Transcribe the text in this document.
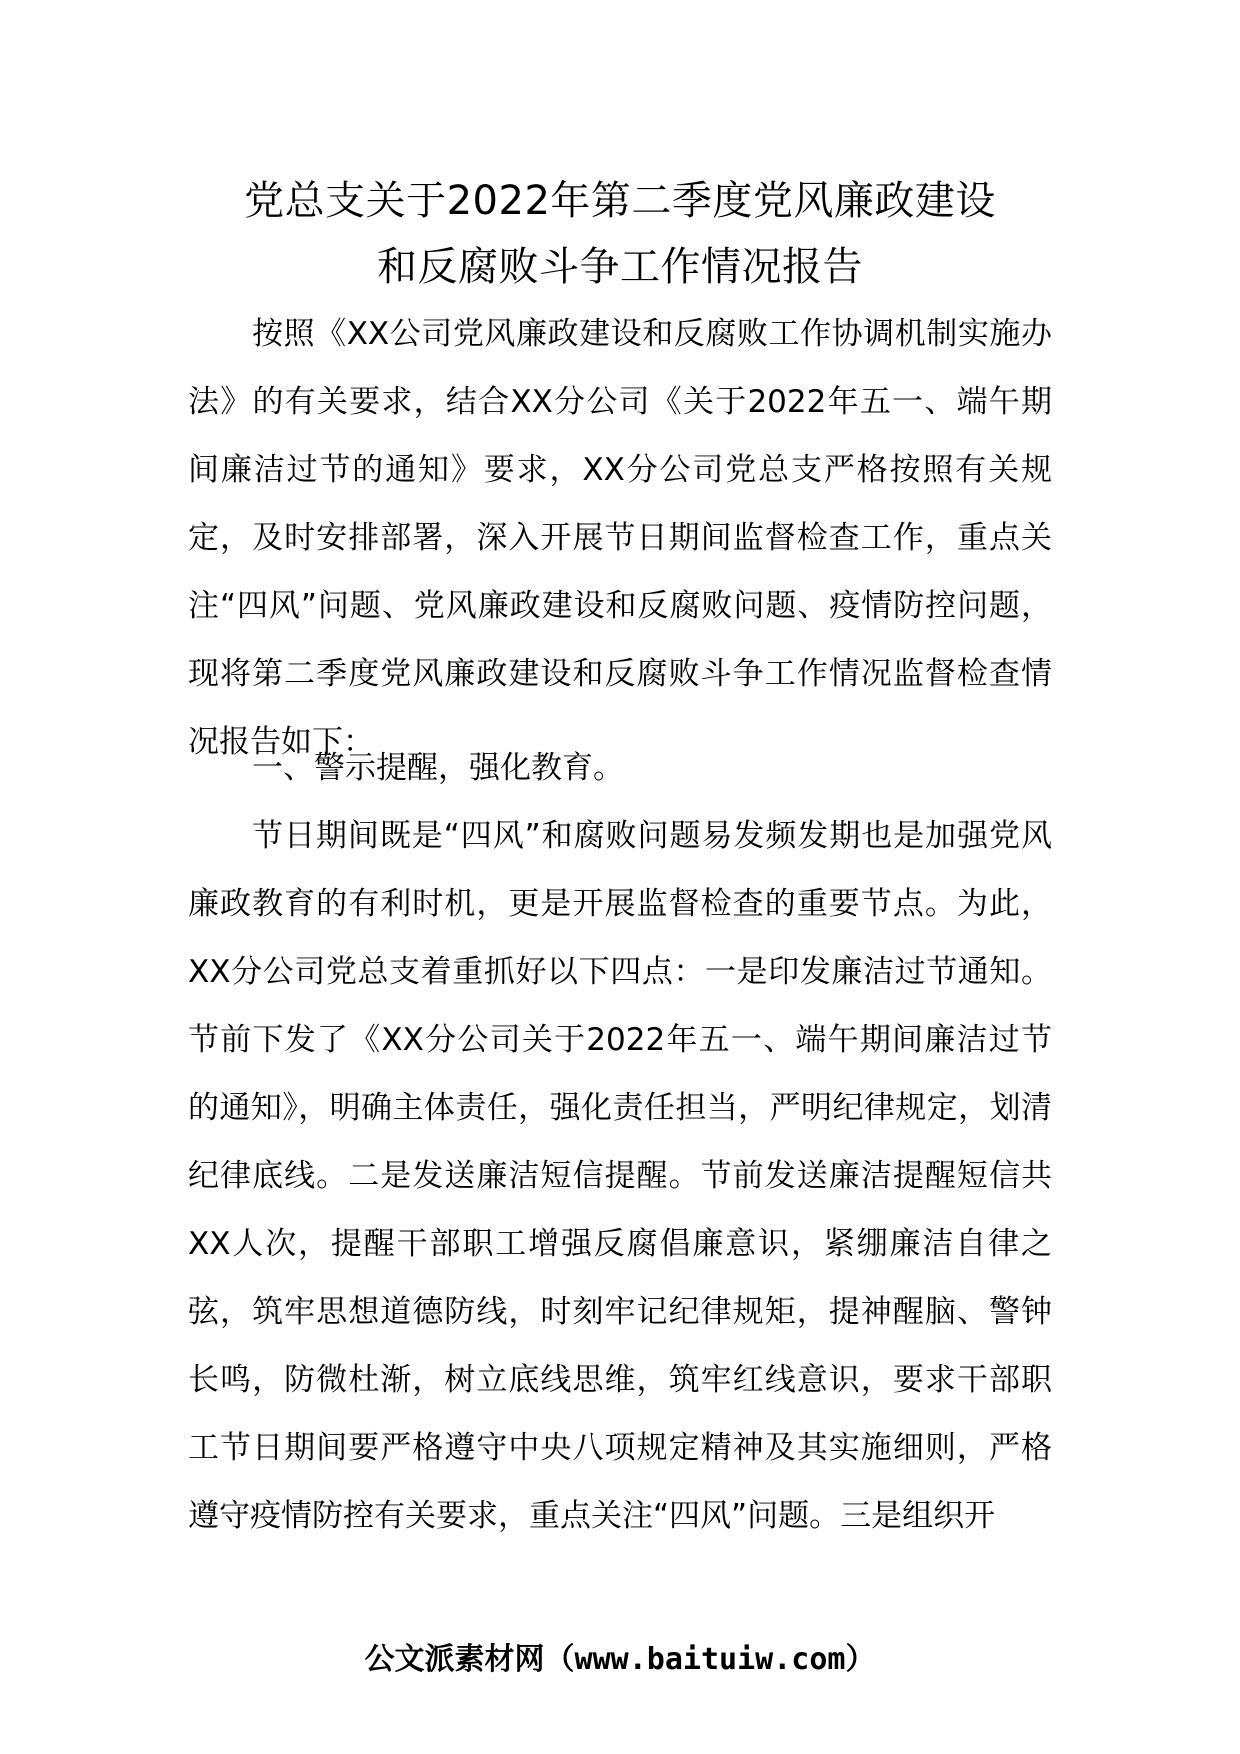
党总支关于2022年第二季度党风廉政建设
和反腐败斗争工作情况报告
按照《XX公司党风廉政建设和反腐败工作协调机制实施办法》的有关要求，结合XX分公司《关于2022年五一、端午期间廉洁过节的通知》要求，XX分公司党总支严格按照有关规定，及时安排部署，深入开展节日期间监督检查工作，重点关注“四风”问题、党风廉政建设和反腐败问题、疫情防控问题，现将第二季度党风廉政建设和反腐败斗争工作情况监督检查情况报告如下：
一、警示提醒，强化教育。
节日期间既是“四风”和腐败问题易发频发期也是加强党风廉政教育的有利时机，更是开展监督检查的重要节点。为此，XX分公司党总支着重抓好以下四点：一是印发廉洁过节通知。节前下发了《XX分公司关于2022年五一、端午期间廉洁过节的通知》，明确主体责任，强化责任担当，严明纪律规定，划清纪律底线。二是发送廉洁短信提醒。节前发送廉洁提醒短信共XX人次，提醒干部职工增强反腐倡廉意识，紧绷廉洁自律之弦，筑牢思想道德防线，时刻牢记纪律规矩，提神醒脑、警钟长鸣，防微杜渐，树立底线思维，筑牢红线意识，要求干部职工节日期间要严格遵守中央八项规定精神及其实施细则，严格遵守疫情防控有关要求，重点关注“四风”问题。三是组织开
公文派素材网（www.baituiw.com）
